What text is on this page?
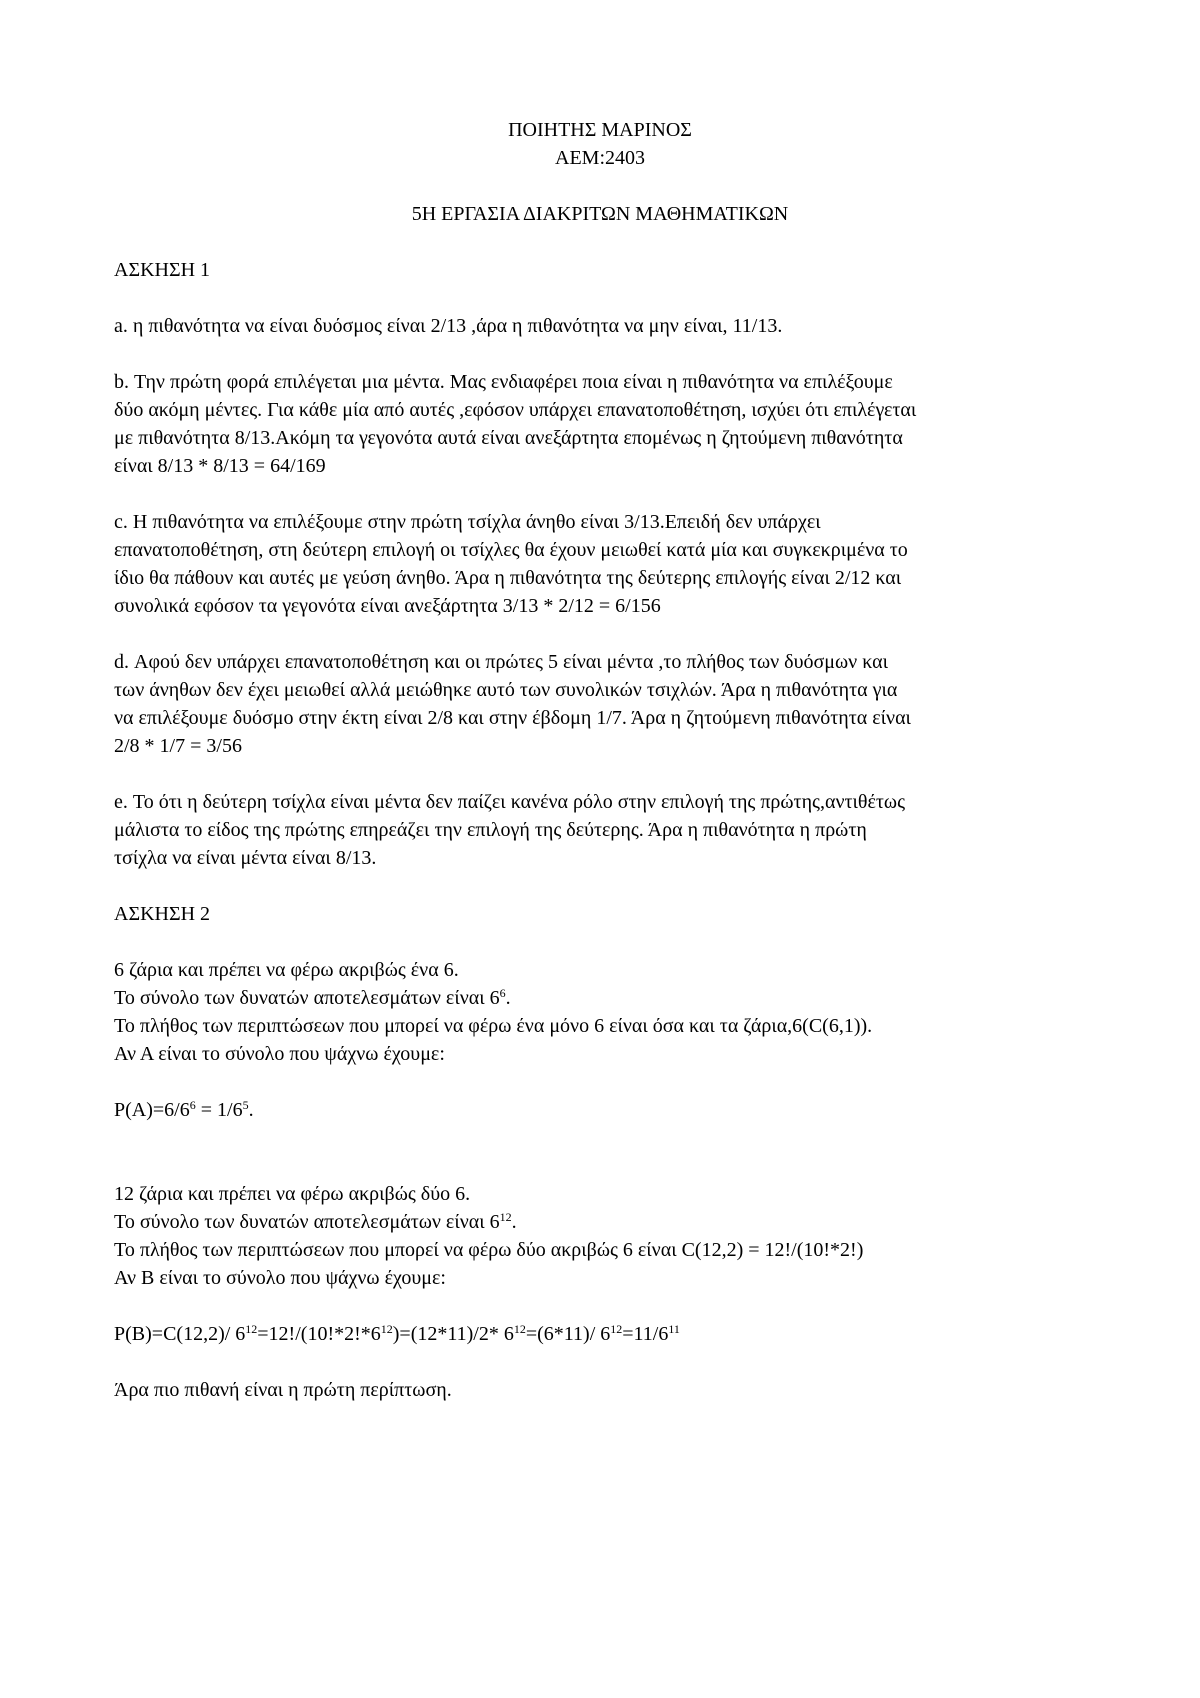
ΠΟΙΗΤΗΣ ΜΑΡΙΝΟΣ
ΑΕΜ:2403
5Η ΕΡΓΑΣΙΑ ΔΙΑΚΡΙΤΩΝ ΜΑΘΗΜΑΤΙΚΩΝ
ΑΣΚΗΣΗ 1
a. η πιθανότητα να είναι δυόσμος είναι 2/13 ,άρα η πιθανότητα να μην είναι, 11/13.
b. Την πρώτη φορά επιλέγεται μια μέντα. Μας ενδιαφέρει ποια είναι η πιθανότητα να επιλέξουμε
δύο ακόμη μέντες. Για κάθε μία από αυτές ,εφόσον υπάρχει επανατοποθέτηση, ισχύει ότι επιλέγεται
με πιθανότητα 8/13.Ακόμη τα γεγονότα αυτά είναι ανεξάρτητα επομένως η ζητούμενη πιθανότητα
είναι 8/13 * 8/13 = 64/169
c. Η πιθανότητα να επιλέξουμε στην πρώτη τσίχλα άνηθο είναι 3/13.Επειδή δεν υπάρχει
επανατοποθέτηση, στη δεύτερη επιλογή οι τσίχλες θα έχουν μειωθεί κατά μία και συγκεκριμένα το
ίδιο θα πάθουν και αυτές με γεύση άνηθο. Άρα η πιθανότητα της δεύτερης επιλογής είναι 2/12 και
συνολικά εφόσον τα γεγονότα είναι ανεξάρτητα 3/13 * 2/12 = 6/156
d. Αφού δεν υπάρχει επανατοποθέτηση και οι πρώτες 5 είναι μέντα ,το πλήθος των δυόσμων και
των άνηθων δεν έχει μειωθεί αλλά μειώθηκε αυτό των συνολικών τσιχλών. Άρα η πιθανότητα για
να επιλέξουμε δυόσμο στην έκτη είναι 2/8 και στην έβδομη 1/7. Άρα η ζητούμενη πιθανότητα είναι
2/8 * 1/7 = 3/56
e. Το ότι η δεύτερη τσίχλα είναι μέντα δεν παίζει κανένα ρόλο στην επιλογή της πρώτης,αντιθέτως
μάλιστα το είδος της πρώτης επηρεάζει την επιλογή της δεύτερης. Άρα η πιθανότητα η πρώτη
τσίχλα να είναι μέντα είναι 8/13.
ΑΣΚΗΣΗ 2
6 ζάρια και πρέπει να φέρω ακριβώς ένα 6.
Το σύνολο των δυνατών αποτελεσμάτων είναι $6^6$.
Το πλήθος των περιπτώσεων που μπορεί να φέρω ένα μόνο 6 είναι όσα και τα ζάρια,6(C(6,1)).
Αν Α είναι το σύνολο που ψάχνω έχουμε:
$P(A)=6/6^6 = 1/6^5$.
12 ζάρια και πρέπει να φέρω ακριβώς δύο 6.
Το σύνολο των δυνατών αποτελεσμάτων είναι $6^{12}$.
Το πλήθος των περιπτώσεων που μπορεί να φέρω δύο ακριβώς 6 είναι C(12,2) = 12!/(10!*2!)
Αν Β είναι το σύνολο που ψάχνω έχουμε:
P(B)=C(12,2)/ $6^{12}=12!/(10!*2!*6^{12})=(12*11)/2*$ $6^{12}=(6*11)/$ $6^{12}=11/6^{11}$
Άρα πιο πιθανή είναι η πρώτη περίπτωση.
